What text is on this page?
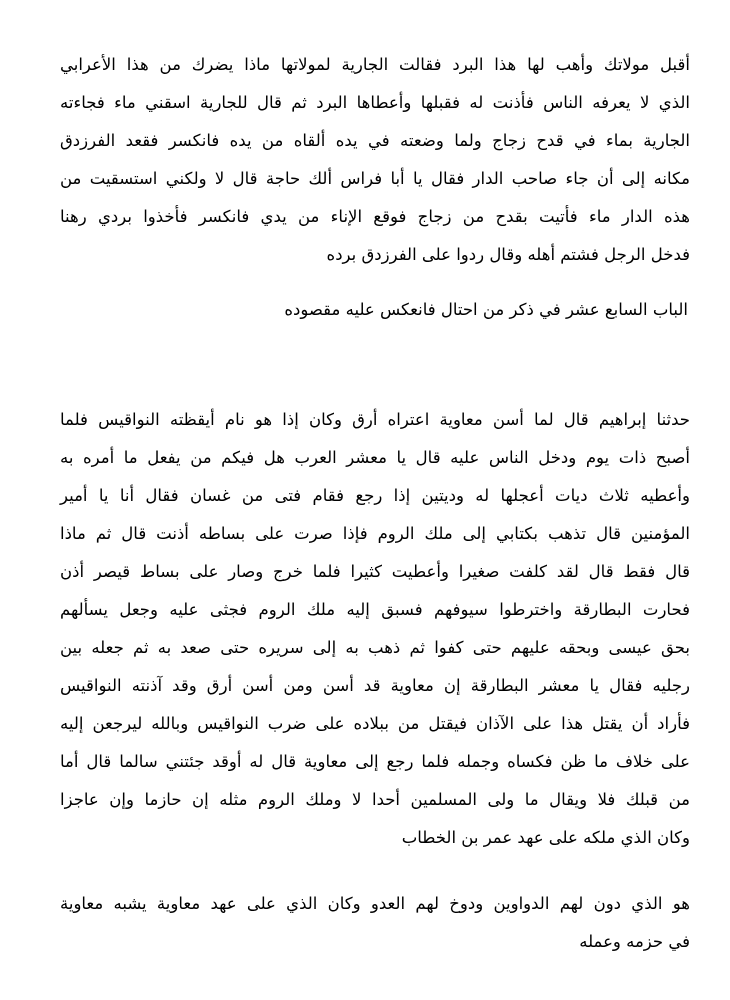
أقبل مولاتك وأهب لها هذا البرد فقالت الجارية لمولاتها ماذا يضرك من هذا الأعرابي
الذي لا يعرفه الناس فأذنت له فقبلها وأعطاها البرد ثم قال للجارية اسقني ماء فجاءته
الجارية بماء في قدح زجاج ولما وضعته في يده ألقاه من يده فانكسر فقعد الفرزدق
مكانه إلى أن جاء صاحب الدار فقال يا أبا فراس ألك حاجة قال لا ولكني استسقيت من
هذه الدار ماء فأتيت بقدح من زجاج فوقع الإناء من يدي فانكسر فأخذوا بردي رهنا
فدخل الرجل فشتم أهله وقال ردوا على الفرزدق برده
الباب السابع عشر في ذكر من احتال فانعكس عليه مقصوده
حدثنا إبراهيم قال لما أسن معاوية اعتراه أرق وكان إذا هو نام أيقظته النواقيس فلما
أصبح ذات يوم ودخل الناس عليه قال يا معشر العرب هل فيكم من يفعل ما أمره به
وأعطيه ثلاث ديات أعجلها له وديتين إذا رجع فقام فتى من غسان فقال أنا يا أمير
المؤمنين قال تذهب بكتابي إلى ملك الروم فإذا صرت على بساطه أذنت قال ثم ماذا
قال فقط قال لقد كلفت صغيرا وأعطيت كثيرا فلما خرج وصار على بساط قيصر أذن
فحارت البطارقة واخترطوا سيوفهم فسبق إليه ملك الروم فجثى عليه وجعل يسألهم
بحق عيسى وبحقه عليهم حتى كفوا ثم ذهب به إلى سريره حتى صعد به ثم جعله بين
رجليه فقال يا معشر البطارقة إن معاوية قد أسن ومن أسن أرق وقد آذنته النواقيس
فأراد أن يقتل هذا على الآذان فيقتل من ببلاده على ضرب النواقيس وبالله ليرجعن إليه
على خلاف ما ظن فكساه وجمله فلما رجع إلى معاوية قال له أوقد جئتني سالما قال أما
من قبلك فلا ويقال ما ولى المسلمين أحدا لا وملك الروم مثله إن حازما وإن عاجزا
وكان الذي ملكه على عهد عمر بن الخطاب
هو الذي دون لهم الدواوين ودوخ لهم العدو وكان الذي على عهد معاوية يشبه معاوية
في حزمه وعمله
